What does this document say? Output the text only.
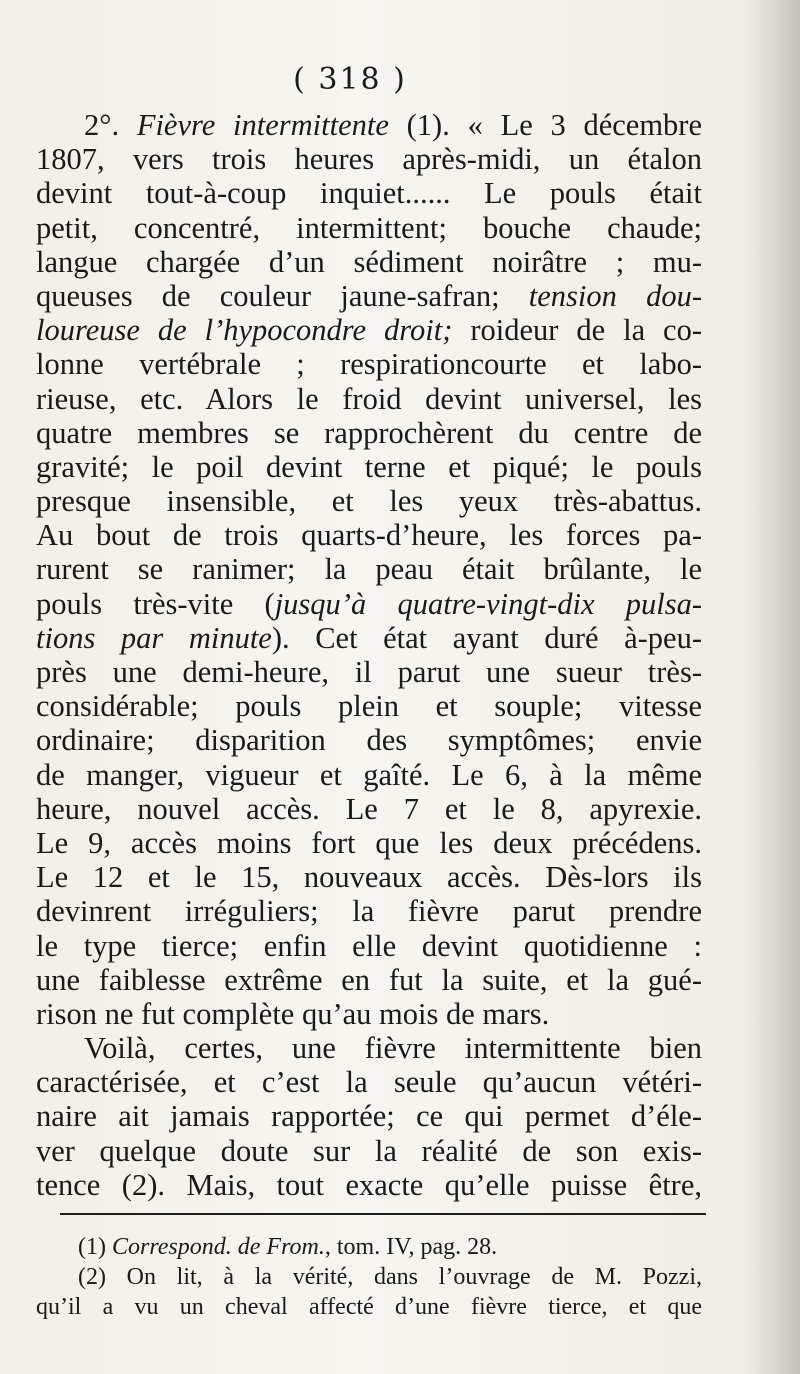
( 318 )
2°. Fièvre intermittente (1). « Le 3 décembre
1807, vers trois heures après-midi, un étalon
devint tout-à-coup inquiet...... Le pouls était
petit, concentré, intermittent; bouche chaude;
langue chargée d’un sédiment noirâtre ; mu-
queuses de couleur jaune-safran; tension dou-
loureuse de l’hypocondre droit; roideur de la co-
lonne vertébrale ; respirationcourte et labo-
rieuse, etc. Alors le froid devint universel, les
quatre membres se rapprochèrent du centre de
gravité; le poil devint terne et piqué; le pouls
presque insensible, et les yeux très-abattus.
Au bout de trois quarts-d’heure, les forces pa-
rurent se ranimer; la peau était brûlante, le
pouls très-vite (jusqu’à quatre-vingt-dix pulsa-
tions par minute). Cet état ayant duré à-peu-
près une demi-heure, il parut une sueur très-
considérable; pouls plein et souple; vitesse
ordinaire; disparition des symptômes; envie
de manger, vigueur et gaîté. Le 6, à la même
heure, nouvel accès. Le 7 et le 8, apyrexie.
Le 9, accès moins fort que les deux précédens.
Le 12 et le 15, nouveaux accès. Dès-lors ils
devinrent irréguliers; la fièvre parut prendre
le type tierce; enfin elle devint quotidienne :
une faiblesse extrême en fut la suite, et la gué-
rison ne fut complète qu’au mois de mars.
Voilà, certes, une fièvre intermittente bien
caractérisée, et c’est la seule qu’aucun vétéri-
naire ait jamais rapportée; ce qui permet d’éle-
ver quelque doute sur la réalité de son exis-
tence (2). Mais, tout exacte qu’elle puisse être,
(1) Correspond. de From., tom. IV, pag. 28.
(2) On lit, à la vérité, dans l’ouvrage de M. Pozzi,
qu’il a vu un cheval affecté d’une fièvre tierce, et que
